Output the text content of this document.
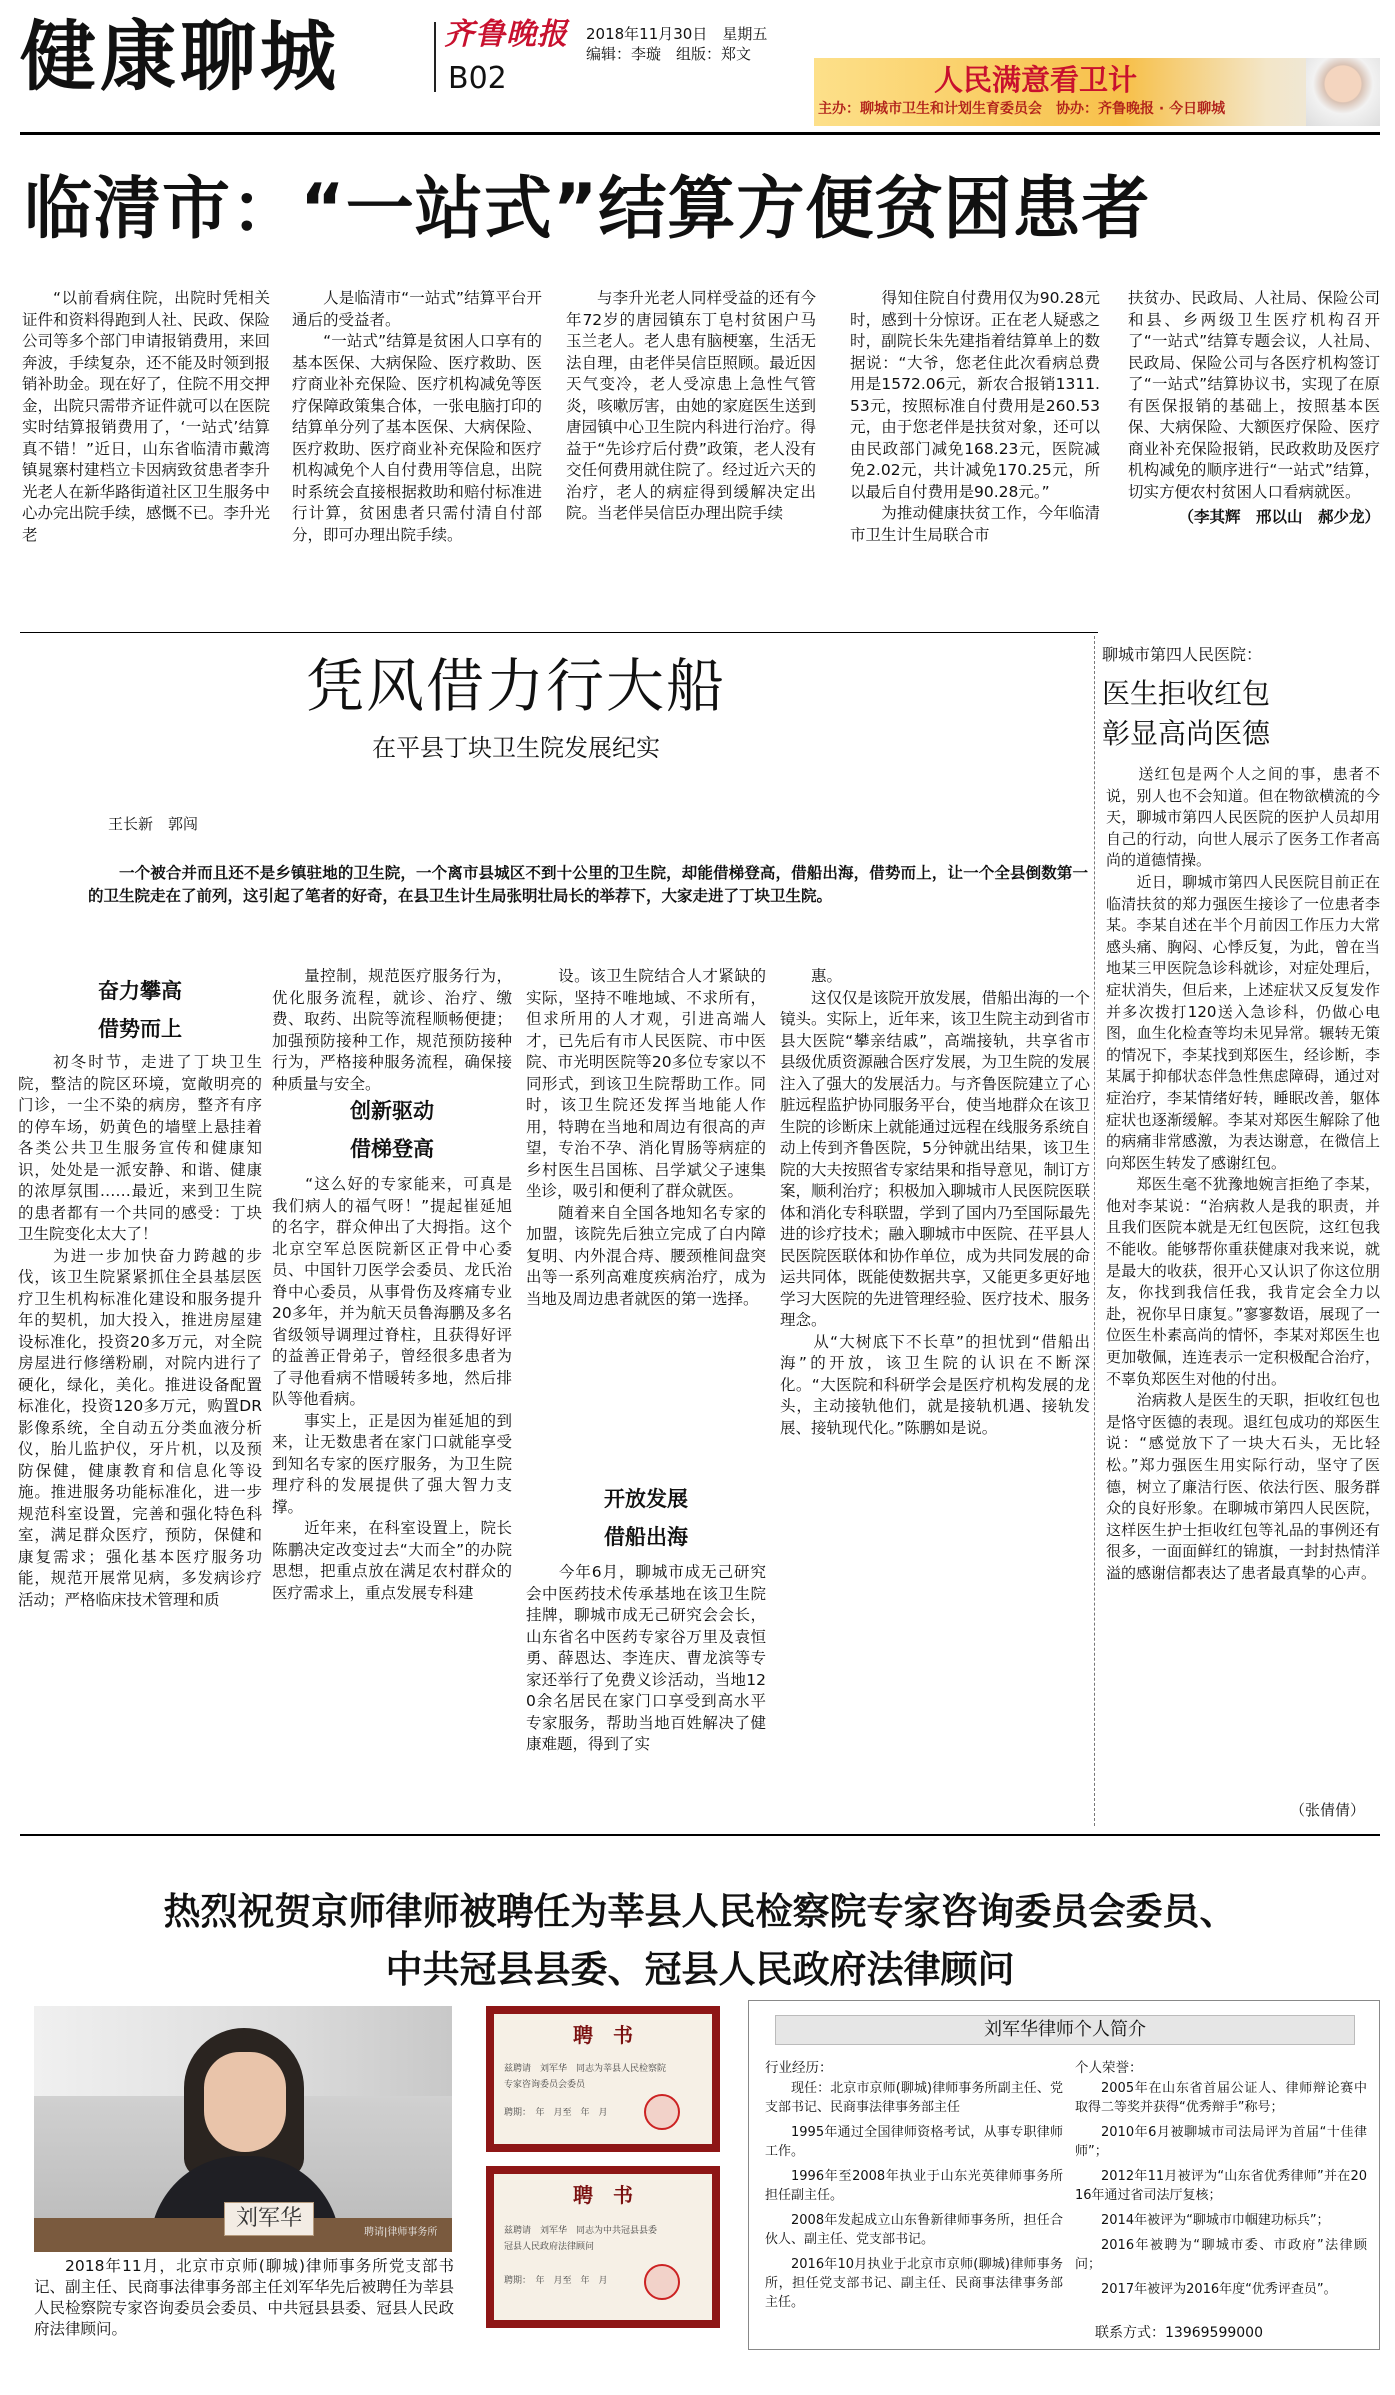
健康聊城	齐鲁晚报
B02
2018年11月30日　星期五
编辑：李璇　组版：郑文
人民满意看卫计
主办：聊城市卫生和计划生育委员会　协办：齐鲁晚报 · 今日聊城
临清市：“一站式”结算方便贫困患者

“以前看病住院，出院时凭相关证件和资料得跑到人社、民政、保险公司等多个部门申请报销费用，来回奔波，手续复杂，还不能及时领到报销补助金。现在好了，住院不用交押金，出院只需带齐证件就可以在医院实时结算报销费用了，‘一站式’结算真不错！”近日，山东省临清市戴湾镇晁寨村建档立卡因病致贫患者李升光老人在新华路街道社区卫生服务中心办完出院手续，感慨不已。李升光老

　　人是临清市“一站式”结算平台开通后的受益者。
　　“一站式”结算是贫困人口享有的基本医保、大病保险、医疗救助、医疗商业补充保险、医疗机构减免等医疗保障政策集合体，一张电脑打印的结算单分列了基本医保、大病保险、医疗救助、医疗商业补充保险和医疗机构减免个人自付费用等信息，出院时系统会直接根据救助和赔付标准进行计算，贫困患者只需付清自付部分，即可办理出院手续。

与李升光老人同样受益的还有今年72岁的唐园镇东丁皂村贫困户马玉兰老人。老人患有脑梗塞，生活无法自理，由老伴吴信臣照顾。最近因天气变冷，老人受凉患上急性气管炎，咳嗽厉害，由她的家庭医生送到唐园镇中心卫生院内科进行治疗。得益于“先诊疗后付费”政策，老人没有交任何费用就住院了。经过近六天的治疗，老人的病症得到缓解决定出院。当老伴吴信臣办理出院手续

　　得知住院自付费用仅为90.28元时，感到十分惊讶。正在老人疑惑之时，副院长朱先建指着结算单上的数据说：“大爷，您老住此次看病总费用是1572.06元，新农合报销1311.53元，按照标准自付费用是260.53元，由于您老伴是扶贫对象，还可以由民政部门减免168.23元，医院减免2.02元，共计减免170.25元，所以最后自付费用是90.28元。”
　　为推动健康扶贫工作，今年临清市卫生计生局联合市

扶贫办、民政局、人社局、保险公司和县、乡两级卫生医疗机构召开了“一站式”结算专题会议，人社局、民政局、保险公司与各医疗机构签订了“一站式”结算协议书，实现了在原有医保报销的基础上，按照基本医保、大病保险、大额医疗保险、医疗商业补充保险报销，民政救助及医疗机构减免的顺序进行“一站式”结算，切实方便农村贫困人口看病就医。

（李其辉　邢以山　郝少龙）

凭风借力行大船
在平县丁块卫生院发展纪实
王长新　郭闯

一个被合并而且还不是乡镇驻地的卫生院，一个离市县城区不到十公里的卫生院，却能借梯登高，借船出海，借势而上，让一个全县倒数第一的卫生院走在了前列，这引起了笔者的好奇，在县卫生计生局张明壮局长的举荐下，大家走进了丁块卫生院。

奋力攀高
借势而上

　　初冬时节，走进了丁块卫生院，整洁的院区环境，宽敞明亮的门诊，一尘不染的病房，整齐有序的停车场，奶黄色的墙壁上悬挂着各类公共卫生服务宣传和健康知识，处处是一派安静、和谐、健康的浓厚氛围……最近，来到卫生院的患者都有一个共同的感受：丁块卫生院变化太大了！
　　为进一步加快奋力跨越的步伐，该卫生院紧紧抓住全县基层医疗卫生机构标准化建设和服务提升年的契机，加大投入，推进房屋建设标准化，投资20多万元，对全院房屋进行修缮粉刷，对院内进行了硬化，绿化，美化。推进设备配置标准化，投资120多万元，购置DR影像系统，全自动五分类血液分析仪，胎儿监护仪，牙片机，以及预防保健，健康教育和信息化等设施。推进服务功能标准化，进一步规范科室设置，完善和强化特色科室，满足群众医疗，预防，保健和康复需求；强化基本医疗服务功能，规范开展常见病，多发病诊疗活动；严格临床技术管理和质

　　量控制，规范医疗服务行为，优化服务流程，就诊、治疗、缴费、取药、出院等流程顺畅便捷；加强预防接种工作，规范预防接种行为，严格接种服务流程，确保接种质量与安全。

创新驱动
借梯登高

　　“这么好的专家能来，可真是我们病人的福气呀！”提起崔延旭的名字，群众伸出了大拇指。这个北京空军总医院新区正骨中心委员、中国针刀医学会委员、龙氏治脊中心委员，从事骨伤及疼痛专业20多年，并为航天员鲁海鹏及多名省级领导调理过脊柱，且获得好评的益善正骨弟子，曾经很多患者为了寻他看病不惜暖转多地，然后排队等他看病。
　　事实上，正是因为崔延旭的到来，让无数患者在家门口就能享受到知名专家的医疗服务，为卫生院理疗科的发展提供了强大智力支撑。
　　近年来，在科室设置上，院长陈鹏决定改变过去“大而全”的办院思想，把重点放在满足农村群众的医疗需求上，重点发展专科建

　　设。该卫生院结合人才紧缺的实际，坚持不唯地域、不求所有，但求所用的人才观，引进高端人才，已先后有市人民医院、市中医院、市光明医院等20多位专家以不同形式，到该卫生院帮助工作。同时，该卫生院还发挥当地能人作用，特聘在当地和周边有很高的声望，专治不孕、消化胃肠等病症的乡村医生吕国栋、吕学斌父子速集坐诊，吸引和便利了群众就医。
　　随着来自全国各地知名专家的加盟，该院先后独立完成了白内障复明、内外混合痔、腰颈椎间盘突出等一系列高难度疾病治疗，成为当地及周边患者就医的第一选择。

开放发展
借船出海

　　今年6月，聊城市成无己研究会中医药技术传承基地在该卫生院挂牌，聊城市成无己研究会会长，山东省名中医药专家谷万里及袁恒勇、薛恩达、李连庆、曹龙滨等专家还举行了免费义诊活动，当地120余名居民在家门口享受到高水平专家服务，帮助当地百姓解决了健康难题，得到了实

　　惠。
　　这仅仅是该院开放发展，借船出海的一个镜头。实际上，近年来，该卫生院主动到省市县大医院“攀亲结戚”，高端接轨，共享省市县级优质资源融合医疗发展，为卫生院的发展注入了强大的发展活力。与齐鲁医院建立了心脏远程监护协同服务平台，使当地群众在该卫生院的诊断床上就能通过远程在线服务系统自动上传到齐鲁医院，5分钟就出结果，该卫生院的大夫按照省专家结果和指导意见，制订方案，顺利治疗；积极加入聊城市人民医院医联体和消化专科联盟，学到了国内乃至国际最先进的诊疗技术；融入聊城市中医院、茌平县人民医院医联体和协作单位，成为共同发展的命运共同体，既能使数据共享，又能更多更好地学习大医院的先进管理经验、医疗技术、服务理念。
　　从“大树底下不长草”的担忧到“借船出海”的开放，该卫生院的认识在不断深化。“大医院和科研学会是医疗机构发展的龙头，主动接轨他们，就是接轨机遇、接轨发展、接轨现代化。”陈鹏如是说。

聊城市第四人民医院：
医生拒收红包
彰显高尚医德

　　送红包是两个人之间的事，患者不说，别人也不会知道。但在物欲横流的今天，聊城市第四人民医院的医护人员却用自己的行动，向世人展示了医务工作者高尚的道德情操。
　　近日，聊城市第四人民医院目前正在临清扶贫的郑力强医生接诊了一位患者李某。李某自述在半个月前因工作压力大常感头痛、胸闷、心悸反复，为此，曾在当地某三甲医院急诊科就诊，对症处理后，症状消失，但后来，上述症状又反复发作并多次拨打120送入急诊科，仍做心电图，血生化检查等均未见异常。辗转无策的情况下，李某找到郑医生，经诊断，李某属于抑郁状态伴急性焦虑障碍，通过对症治疗，李某情绪好转，睡眠改善，躯体症状也逐渐缓解。李某对郑医生解除了他的病痛非常感激，为表达谢意，在微信上向郑医生转发了感谢红包。
　　郑医生毫不犹豫地婉言拒绝了李某，他对李某说：“治病救人是我的职责，并且我们医院本就是无红包医院，这红包我不能收。能够帮你重获健康对我来说，就是最大的收获，很开心又认识了你这位朋友，你找到我信任我，我肯定会全力以赴，祝你早日康复。”寥寥数语，展现了一位医生朴素高尚的情怀，李某对郑医生也更加敬佩，连连表示一定积极配合治疗，不辜负郑医生对他的付出。
　　治病救人是医生的天职，拒收红包也是恪守医德的表现。退红包成功的郑医生说：“感觉放下了一块大石头，无比轻松。”郑力强医生用实际行动，坚守了医德，树立了廉洁行医、依法行医、服务群众的良好形象。在聊城市第四人民医院，这样医生护士拒收红包等礼品的事例还有很多，一面面鲜红的锦旗，一封封热情洋溢的感谢信都表达了患者最真挚的心声。

（张倩倩）
热烈祝贺京师律师被聘任为莘县人民检察院专家咨询委员会委员、
中共冠县县委、冠县人民政府法律顾问
刘军华
聘请|律师事务所

2018年11月，北京市京师(聊城)律师事务所党支部书记、副主任、民商事法律事务部主任刘军华先后被聘任为莘县人民检察院专家咨询委员会委员、中共冠县县委、冠县人民政府法律顾问。

聘　书
兹聘请　刘军华　同志为莘县人民检察院
专家咨询委员会委员
聘期：　年　月至　年　月
聘　书
兹聘请　刘军华　同志为中共冠县县委
冠县人民政府法律顾问
聘期：　年　月至　年　月
刘军华律师个人简介
行业经历：

现任：北京市京师(聊城)律师事务所副主任、党支部书记、民商事法律事务部主任

1995年通过全国律师资格考试，从事专职律师工作。

1996年至2008年执业于山东光英律师事务所担任副主任。

2008年发起成立山东鲁新律师事务所，担任合伙人、副主任、党支部书记。

2016年10月执业于北京市京师(聊城)律师事务所，担任党支部书记、副主任、民商事法律事务部主任。

个人荣誉：

2005年在山东省首届公证人、律师辩论赛中取得二等奖并获得“优秀辩手”称号；

2010年6月被聊城市司法局评为首届“十佳律师”；

2012年11月被评为“山东省优秀律师”并在2016年通过省司法厅复核；

2014年被评为“聊城市巾帼建功标兵”；

2016年被聘为“聊城市委、市政府”法律顾问；

2017年被评为2016年度“优秀评查员”。

联系方式：13969599000
